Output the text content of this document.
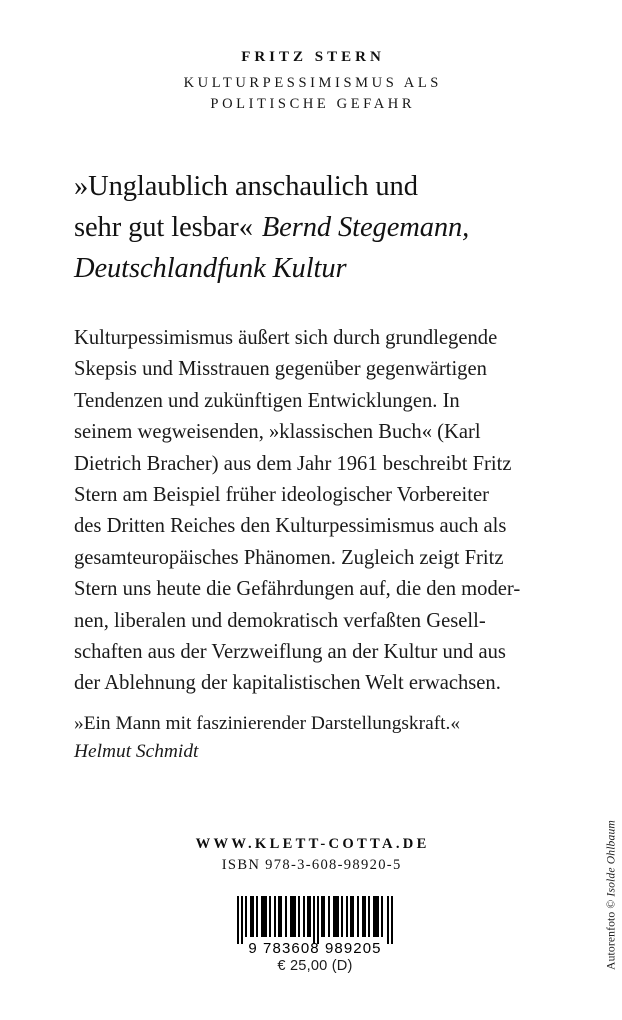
FRITZ STERN
KULTURPESSIMISMUS ALS
POLITISCHE GEFAHR
»Unglaublich anschaulich und
sehr gut lesbar« Bernd Stegemann,
Deutschlandfunk Kultur
Kulturpessimismus äußert sich durch grundlegende
Skepsis und Misstrauen gegenüber gegenwärtigen
Tendenzen und zukünftigen Entwicklungen. In
seinem wegweisenden, »klassischen Buch« (Karl
Dietrich Bracher) aus dem Jahr 1961 beschreibt Fritz
Stern am Beispiel früher ideologischer Vorbereiter
des Dritten Reiches den Kulturpessimismus auch als
gesamteuropäisches Phänomen. Zugleich zeigt Fritz
Stern uns heute die Gefährdungen auf, die den moder-
nen, liberalen und demokratisch verfaßten Gesell-
schaften aus der Verzweiflung an der Kultur und aus
der Ablehnung der kapitalistischen Welt erwachsen.
»Ein Mann mit faszinierender Darstellungskraft.«
Helmut Schmidt
WWW.KLETT-COTTA.DE
ISBN 978-3-608-98920-5
9 783608 989205
€ 25,00 (D)	Autorenfoto © Isolde Ohlbaum
